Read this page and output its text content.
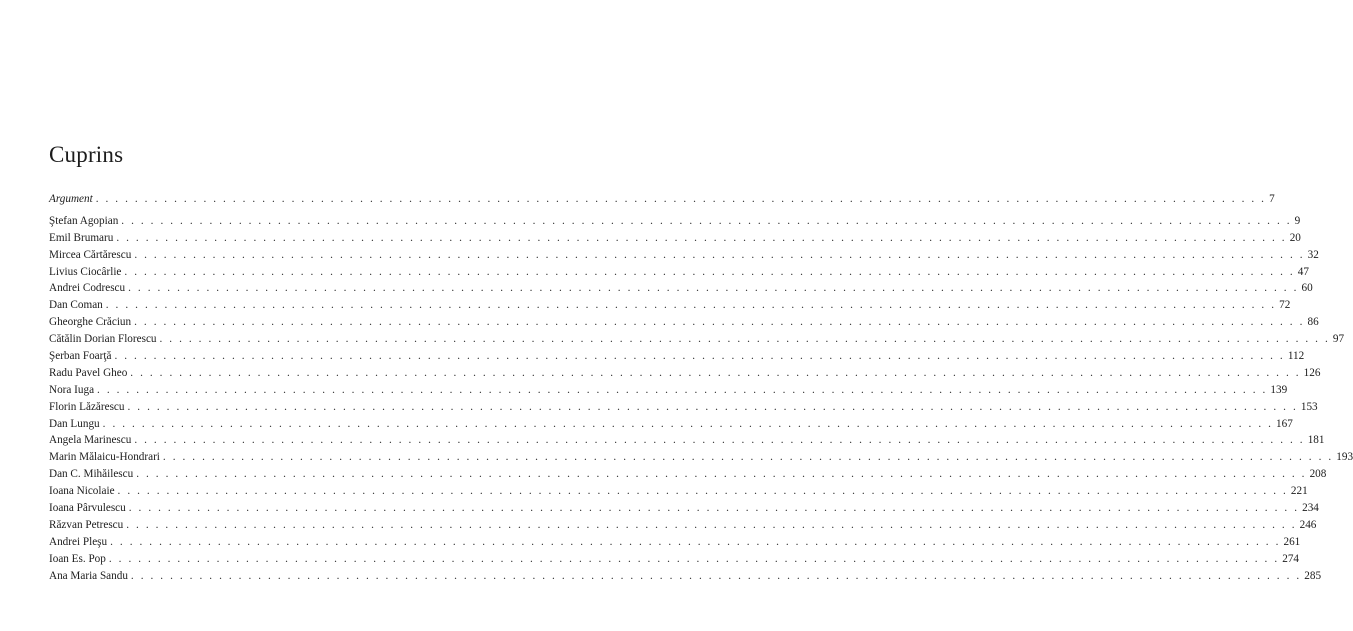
Cuprins
Argument . . . . . . . . . . . . . . . . . . . . . . . . . . . . . . . . . . . . . . . . . . . . . . . . . . . . . . . . . . . . . . . . . . . . . . . . . . . . . . . . . . . . . . . . . . . . . . . . . . . . . . . . . . . . . . . . . . . . . . . . 7
Ştefan Agopian . . . . . . . . . . . . . . . . . . . . . . . . . . . . . . . . . . . . . . . . . . . . . . . . . . . . . . . . . . . . . . . . . . . . . . . . . . . . . . . . . . . . . . . . . . . . . . . . . . . . . . . . . . . . . . . . . . . . . . . . 9
Emil Brumaru . . . . . . . . . . . . . . . . . . . . . . . . . . . . . . . . . . . . . . . . . . . . . . . . . . . . . . . . . . . . . . . . . . . . . . . . . . . . . . . . . . . . . . . . . . . . . . . . . . . . . . . . . . . . . . . . . . . . . . . . 20
Mircea Cărtărescu . . . . . . . . . . . . . . . . . . . . . . . . . . . . . . . . . . . . . . . . . . . . . . . . . . . . . . . . . . . . . . . . . . . . . . . . . . . . . . . . . . . . . . . . . . . . . . . . . . . . . . . . . . . . . . . . . . . . . . . . 32
Livius Ciocârlie . . . . . . . . . . . . . . . . . . . . . . . . . . . . . . . . . . . . . . . . . . . . . . . . . . . . . . . . . . . . . . . . . . . . . . . . . . . . . . . . . . . . . . . . . . . . . . . . . . . . . . . . . . . . . . . . . . . . . . . . 47
Andrei Codrescu . . . . . . . . . . . . . . . . . . . . . . . . . . . . . . . . . . . . . . . . . . . . . . . . . . . . . . . . . . . . . . . . . . . . . . . . . . . . . . . . . . . . . . . . . . . . . . . . . . . . . . . . . . . . . . . . . . . . . . . . 60
Dan Coman . . . . . . . . . . . . . . . . . . . . . . . . . . . . . . . . . . . . . . . . . . . . . . . . . . . . . . . . . . . . . . . . . . . . . . . . . . . . . . . . . . . . . . . . . . . . . . . . . . . . . . . . . . . . . . . . . . . . . . . . 72
Gheorghe Crăciun . . . . . . . . . . . . . . . . . . . . . . . . . . . . . . . . . . . . . . . . . . . . . . . . . . . . . . . . . . . . . . . . . . . . . . . . . . . . . . . . . . . . . . . . . . . . . . . . . . . . . . . . . . . . . . . . . . . . . . . . 86
Cătălin Dorian Florescu . . . . . . . . . . . . . . . . . . . . . . . . . . . . . . . . . . . . . . . . . . . . . . . . . . . . . . . . . . . . . . . . . . . . . . . . . . . . . . . . . . . . . . . . . . . . . . . . . . . . . . . . . . . . . . . . . . . . . . . . 97
Şerban Foarţă . . . . . . . . . . . . . . . . . . . . . . . . . . . . . . . . . . . . . . . . . . . . . . . . . . . . . . . . . . . . . . . . . . . . . . . . . . . . . . . . . . . . . . . . . . . . . . . . . . . . . . . . . . . . . . . . . . . . . . . . 112
Radu Pavel Gheo . . . . . . . . . . . . . . . . . . . . . . . . . . . . . . . . . . . . . . . . . . . . . . . . . . . . . . . . . . . . . . . . . . . . . . . . . . . . . . . . . . . . . . . . . . . . . . . . . . . . . . . . . . . . . . . . . . . . . . . . 126
Nora Iuga . . . . . . . . . . . . . . . . . . . . . . . . . . . . . . . . . . . . . . . . . . . . . . . . . . . . . . . . . . . . . . . . . . . . . . . . . . . . . . . . . . . . . . . . . . . . . . . . . . . . . . . . . . . . . . . . . . . . . . . . 139
Florin Lăzărescu . . . . . . . . . . . . . . . . . . . . . . . . . . . . . . . . . . . . . . . . . . . . . . . . . . . . . . . . . . . . . . . . . . . . . . . . . . . . . . . . . . . . . . . . . . . . . . . . . . . . . . . . . . . . . . . . . . . . . . . . 153
Dan Lungu . . . . . . . . . . . . . . . . . . . . . . . . . . . . . . . . . . . . . . . . . . . . . . . . . . . . . . . . . . . . . . . . . . . . . . . . . . . . . . . . . . . . . . . . . . . . . . . . . . . . . . . . . . . . . . . . . . . . . . . . 167
Angela Marinescu . . . . . . . . . . . . . . . . . . . . . . . . . . . . . . . . . . . . . . . . . . . . . . . . . . . . . . . . . . . . . . . . . . . . . . . . . . . . . . . . . . . . . . . . . . . . . . . . . . . . . . . . . . . . . . . . . . . . . . . . 181
Marin Mălaicu-Hondrari . . . . . . . . . . . . . . . . . . . . . . . . . . . . . . . . . . . . . . . . . . . . . . . . . . . . . . . . . . . . . . . . . . . . . . . . . . . . . . . . . . . . . . . . . . . . . . . . . . . . . . . . . . . . . . . . . . . . . . . . 193
Dan C. Mihăilescu . . . . . . . . . . . . . . . . . . . . . . . . . . . . . . . . . . . . . . . . . . . . . . . . . . . . . . . . . . . . . . . . . . . . . . . . . . . . . . . . . . . . . . . . . . . . . . . . . . . . . . . . . . . . . . . . . . . . . . . . 208
Ioana Nicolaie . . . . . . . . . . . . . . . . . . . . . . . . . . . . . . . . . . . . . . . . . . . . . . . . . . . . . . . . . . . . . . . . . . . . . . . . . . . . . . . . . . . . . . . . . . . . . . . . . . . . . . . . . . . . . . . . . . . . . . . . 221
Ioana Pârvulescu . . . . . . . . . . . . . . . . . . . . . . . . . . . . . . . . . . . . . . . . . . . . . . . . . . . . . . . . . . . . . . . . . . . . . . . . . . . . . . . . . . . . . . . . . . . . . . . . . . . . . . . . . . . . . . . . . . . . . . . . 234
Răzvan Petrescu . . . . . . . . . . . . . . . . . . . . . . . . . . . . . . . . . . . . . . . . . . . . . . . . . . . . . . . . . . . . . . . . . . . . . . . . . . . . . . . . . . . . . . . . . . . . . . . . . . . . . . . . . . . . . . . . . . . . . . . . 246
Andrei Pleşu . . . . . . . . . . . . . . . . . . . . . . . . . . . . . . . . . . . . . . . . . . . . . . . . . . . . . . . . . . . . . . . . . . . . . . . . . . . . . . . . . . . . . . . . . . . . . . . . . . . . . . . . . . . . . . . . . . . . . . . . 261
Ioan Es. Pop . . . . . . . . . . . . . . . . . . . . . . . . . . . . . . . . . . . . . . . . . . . . . . . . . . . . . . . . . . . . . . . . . . . . . . . . . . . . . . . . . . . . . . . . . . . . . . . . . . . . . . . . . . . . . . . . . . . . . . . . 274
Ana Maria Sandu . . . . . . . . . . . . . . . . . . . . . . . . . . . . . . . . . . . . . . . . . . . . . . . . . . . . . . . . . . . . . . . . . . . . . . . . . . . . . . . . . . . . . . . . . . . . . . . . . . . . . . . . . . . . . . . . . . . . . . . . 285
